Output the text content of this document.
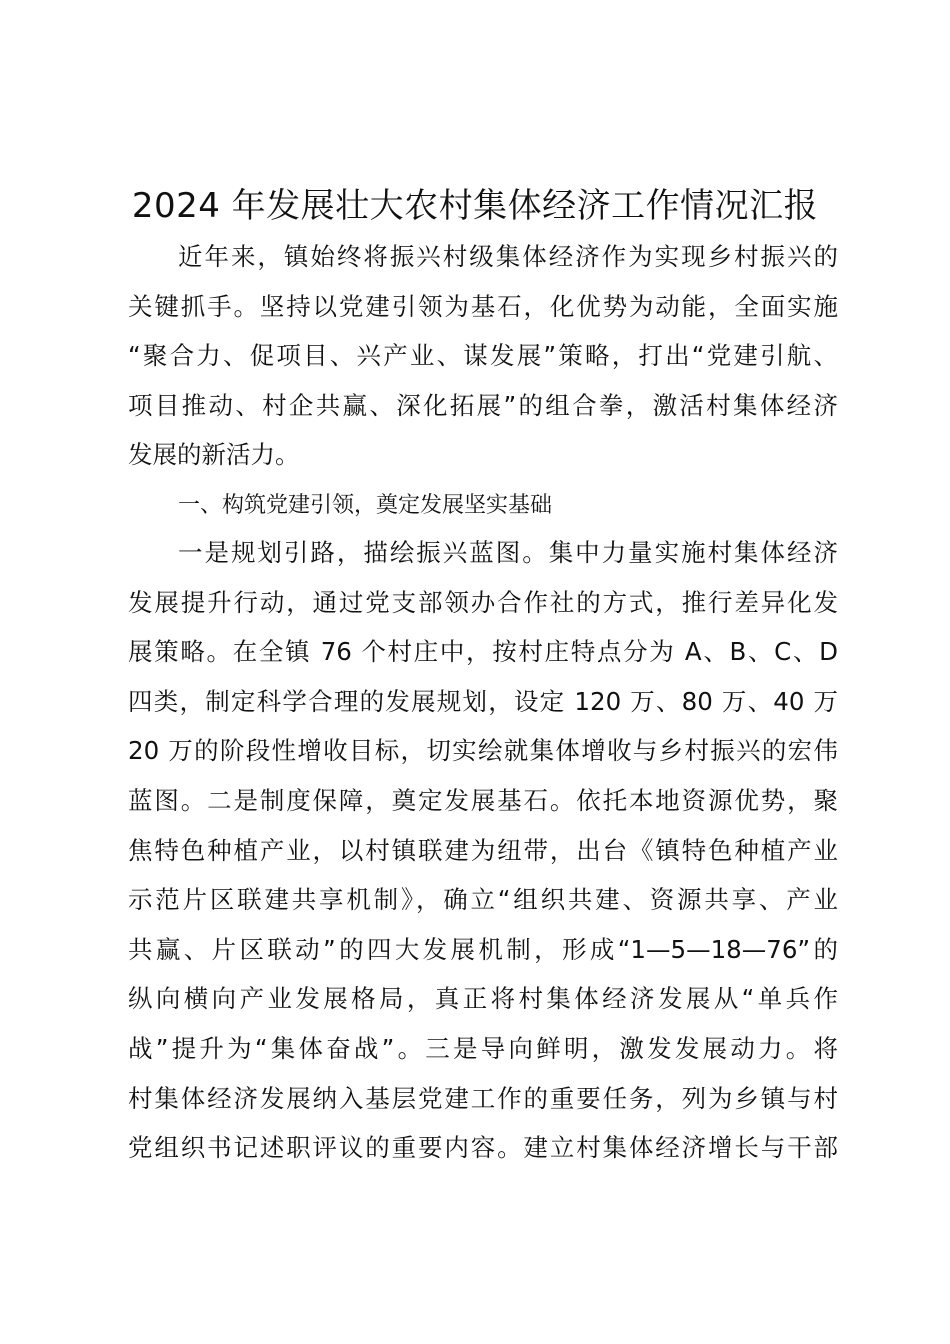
2024 年发展壮大农村集体经济工作情况汇报
近年来，镇始终将振兴村级集体经济作为实现乡村振兴的
关键抓手。坚持以党建引领为基石，化优势为动能，全面实施
“聚合力、促项目、兴产业、谋发展”策略，打出“党建引航、
项目推动、村企共赢、深化拓展”的组合拳，激活村集体经济
发展的新活力。
一、构筑党建引领，奠定发展坚实基础
一是规划引路，描绘振兴蓝图。集中力量实施村集体经济
发展提升行动，通过党支部领办合作社的方式，推行差异化发
展策略。在全镇 76 个村庄中，按村庄特点分为 A、B、C、D
四类，制定科学合理的发展规划，设定 120 万、80 万、40 万
20 万的阶段性增收目标，切实绘就集体增收与乡村振兴的宏伟
蓝图。二是制度保障，奠定发展基石。依托本地资源优势，聚
焦特色种植产业，以村镇联建为纽带，出台《镇特色种植产业
示范片区联建共享机制》，确立“组织共建、资源共享、产业
共赢、片区联动”的四大发展机制，形成“1—5—18—76”的
纵向横向产业发展格局，真正将村集体经济发展从“单兵作
战”提升为“集体奋战”。三是导向鲜明，激发发展动力。将
村集体经济发展纳入基层党建工作的重要任务，列为乡镇与村
党组织书记述职评议的重要内容。建立村集体经济增长与干部
